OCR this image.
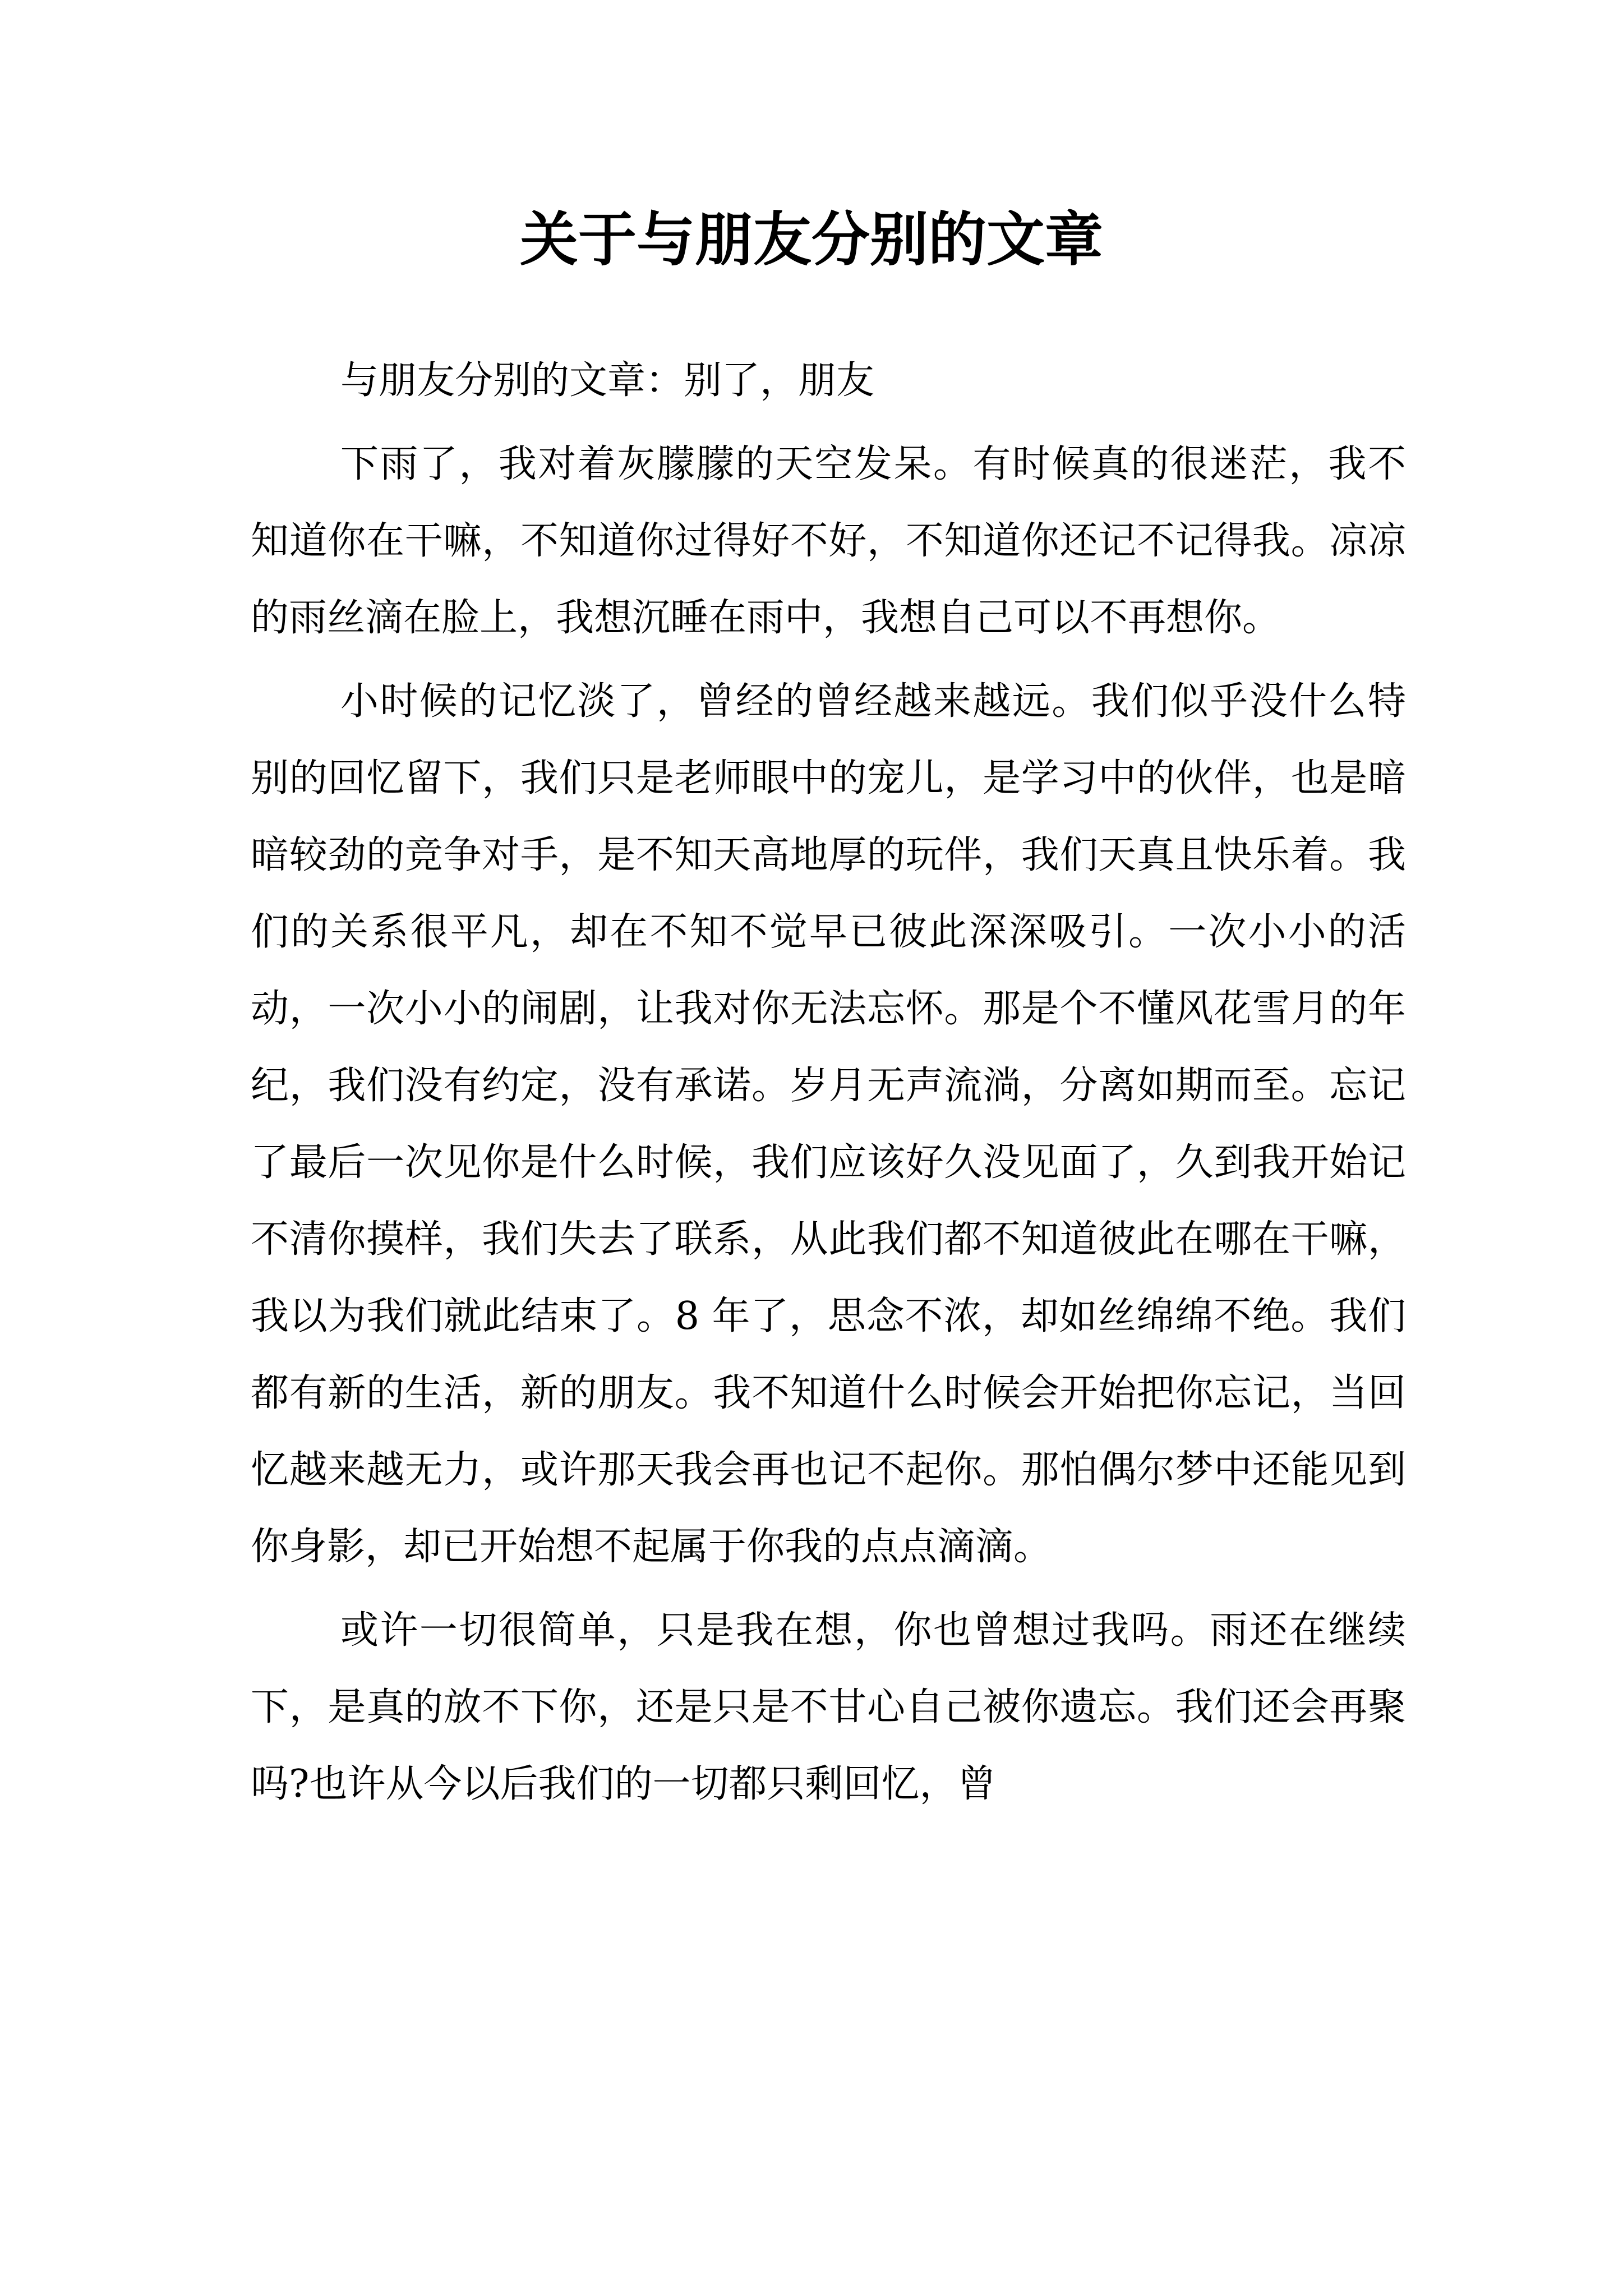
关于与朋友分别的文章

与朋友分别的文章：别了，朋友

下雨了，我对着灰朦朦的天空发呆。有时候真的很迷茫，我不知道你在干嘛，不知道你过得好不好，不知道你还记不记得我。凉凉的雨丝滴在脸上，我想沉睡在雨中，我想自己可以不再想你。

小时候的记忆淡了，曾经的曾经越来越远。我们似乎没什么特别的回忆留下，我们只是老师眼中的宠儿，是学习中的伙伴，也是暗暗较劲的竞争对手，是不知天高地厚的玩伴，我们天真且快乐着。我们的关系很平凡，却在不知不觉早已彼此深深吸引。一次小小的活动，一次小小的闹剧，让我对你无法忘怀。那是个不懂风花雪月的年纪，我们没有约定，没有承诺。岁月无声流淌，分离如期而至。忘记了最后一次见你是什么时候，我们应该好久没见面了，久到我开始记不清你摸样，我们失去了联系，从此我们都不知道彼此在哪在干嘛，我以为我们就此结束了。8 年了，思念不浓，却如丝绵绵不绝。我们都有新的生活，新的朋友。我不知道什么时候会开始把你忘记，当回忆越来越无力，或许那天我会再也记不起你。那怕偶尔梦中还能见到你身影，却已开始想不起属于你我的点点滴滴。

或许一切很简单，只是我在想，你也曾想过我吗。雨还在继续下，是真的放不下你，还是只是不甘心自己被你遗忘。我们还会再聚吗?也许从今以后我们的一切都只剩回忆，曾
